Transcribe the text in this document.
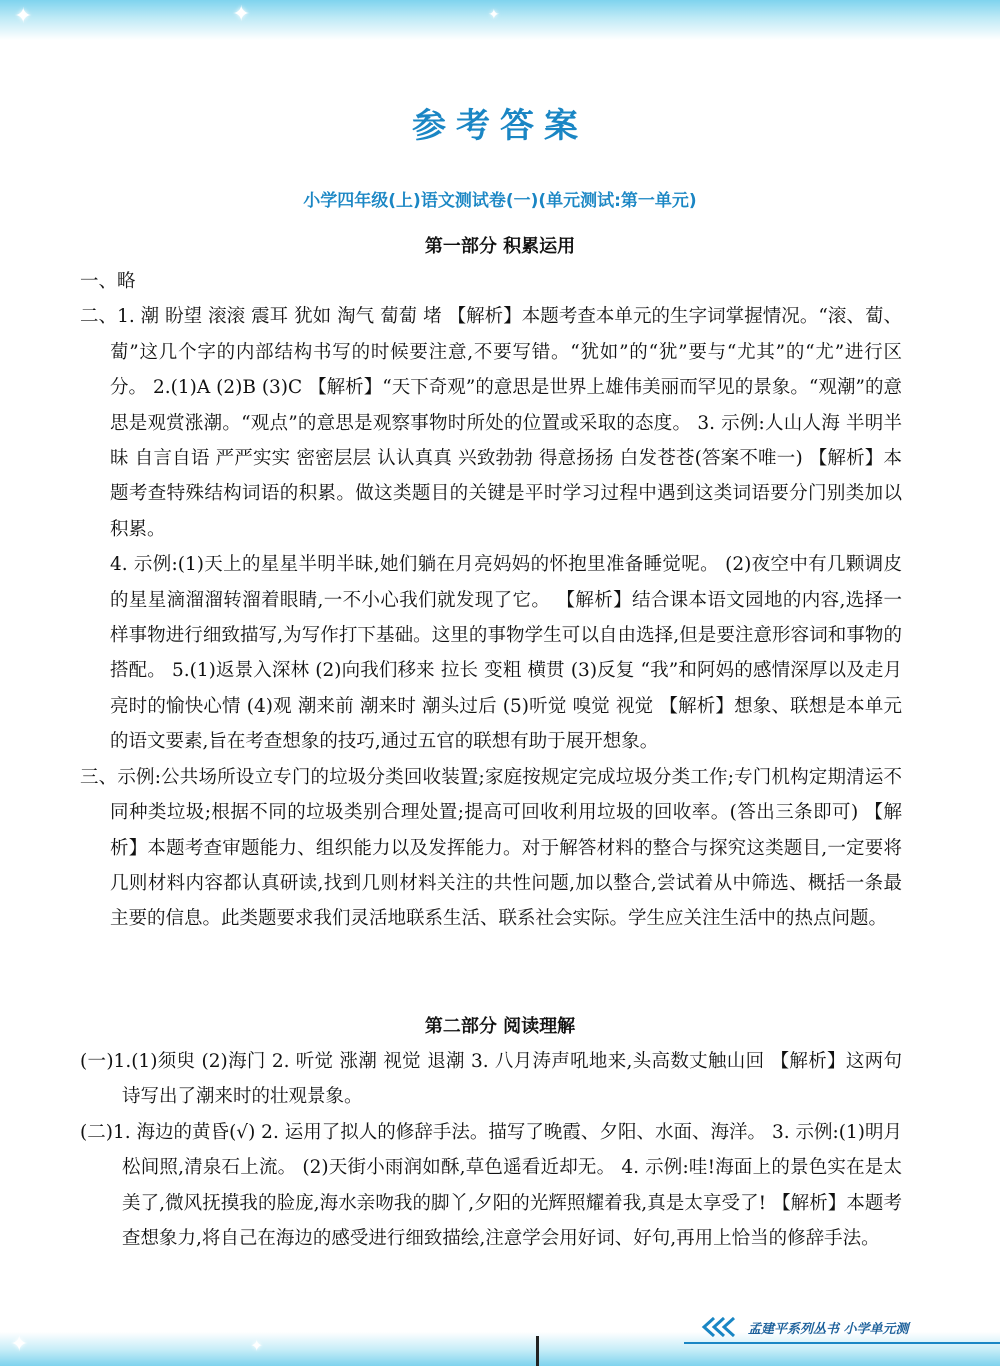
✦	✦	✦
参考答案
小学四年级(上)语文测试卷(一)(单元测试:第一单元)
第一部分 积累运用

一、略

二、1. 潮 盼望 滚滚 震耳 犹如 淘气 蔔蔔 堵 【解析】本题考查本单元的生字词掌握情况。“滚、蔔、蔔”这几个字的内部结构书写的时候要注意,不要写错。“犹如”的“犹”要与“尤其”的“尤”进行区分。 2.(1)A (2)B (3)C 【解析】“天下奇观”的意思是世界上雄伟美丽而罕见的景象。“观潮”的意思是观赏涨潮。“观点”的意思是观察事物时所处的位置或采取的态度。 3. 示例:人山人海 半明半昧 自言自语 严严实实 密密层层 认认真真 兴致勃勃 得意扬扬 白发苍苍(答案不唯一) 【解析】本题考查特殊结构词语的积累。做这类题目的关键是平时学习过程中遇到这类词语要分门别类加以积累。

4. 示例:(1)天上的星星半明半昧,她们躺在月亮妈妈的怀抱里准备睡觉呢。 (2)夜空中有几颗调皮的星星滴溜溜转溜着眼睛,一不小心我们就发现了它。 【解析】结合课本语文园地的内容,选择一样事物进行细致描写,为写作打下基础。这里的事物学生可以自由选择,但是要注意形容词和事物的搭配。 5.(1)返景入深林 (2)向我们移来 拉长 变粗 横贯 (3)反复 “我”和阿妈的感情深厚以及走月亮时的愉快心情 (4)观 潮来前 潮来时 潮头过后 (5)听觉 嗅觉 视觉 【解析】想象、联想是本单元的语文要素,旨在考查想象的技巧,通过五官的联想有助于展开想象。

三、示例:公共场所设立专门的垃圾分类回收装置;家庭按规定完成垃圾分类工作;专门机构定期清运不同种类垃圾;根据不同的垃圾类别合理处置;提高可回收利用垃圾的回收率。(答出三条即可) 【解析】本题考查审题能力、组织能力以及发挥能力。对于解答材料的整合与探究这类题目,一定要将几则材料内容都认真研读,找到几则材料关注的共性问题,加以整合,尝试着从中筛选、概括一条最主要的信息。此类题要求我们灵活地联系生活、联系社会实际。学生应关注生活中的热点问题。

第二部分 阅读理解

(一)1.(1)须臾 (2)海门 2. 听觉 涨潮 视觉 退潮 3. 八月涛声吼地来,头高数丈触山回 【解析】这两句诗写出了潮来时的壮观景象。

(二)1. 海边的黄昏(√) 2. 运用了拟人的修辞手法。描写了晚霞、夕阳、水面、海洋。 3. 示例:(1)明月松间照,清泉石上流。 (2)天街小雨润如酥,草色遥看近却无。 4. 示例:哇!海面上的景色实在是太美了,微风抚摸我的脸庞,海水亲吻我的脚丫,夕阳的光辉照耀着我,真是太享受了! 【解析】本题考查想象力,将自己在海边的感受进行细致描绘,注意学会用好词、好句,再用上恰当的修辞手法。

✦	✦
孟建平系列丛书 小学单元测
